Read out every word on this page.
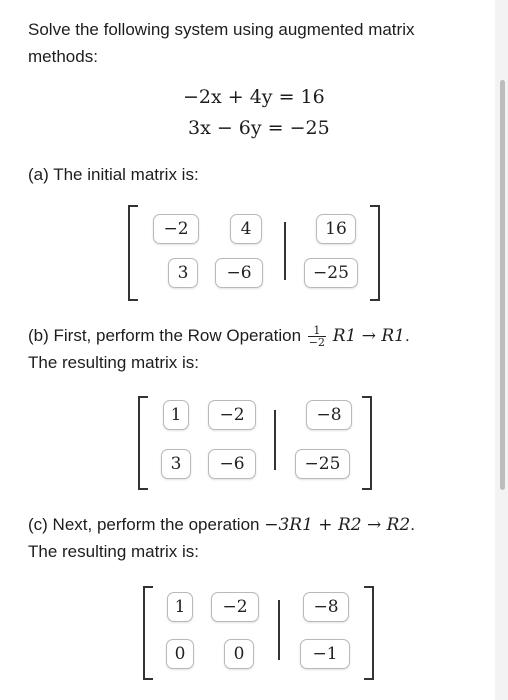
Solve the following system using augmented matrix
methods:
−2x + 4y = 16
3x − 6y = −25
(a) The initial matrix is:
−2	4	16
3	−6	−25
(b) First, perform the Row Operation $\frac{1}{-2} R1 \to R1$.
The resulting matrix is:
1	−2	−8
3	−6	−25
(c) Next, perform the operation −3R1 + R2 → R2.
The resulting matrix is:
1	−2	−8
0	0	−1
